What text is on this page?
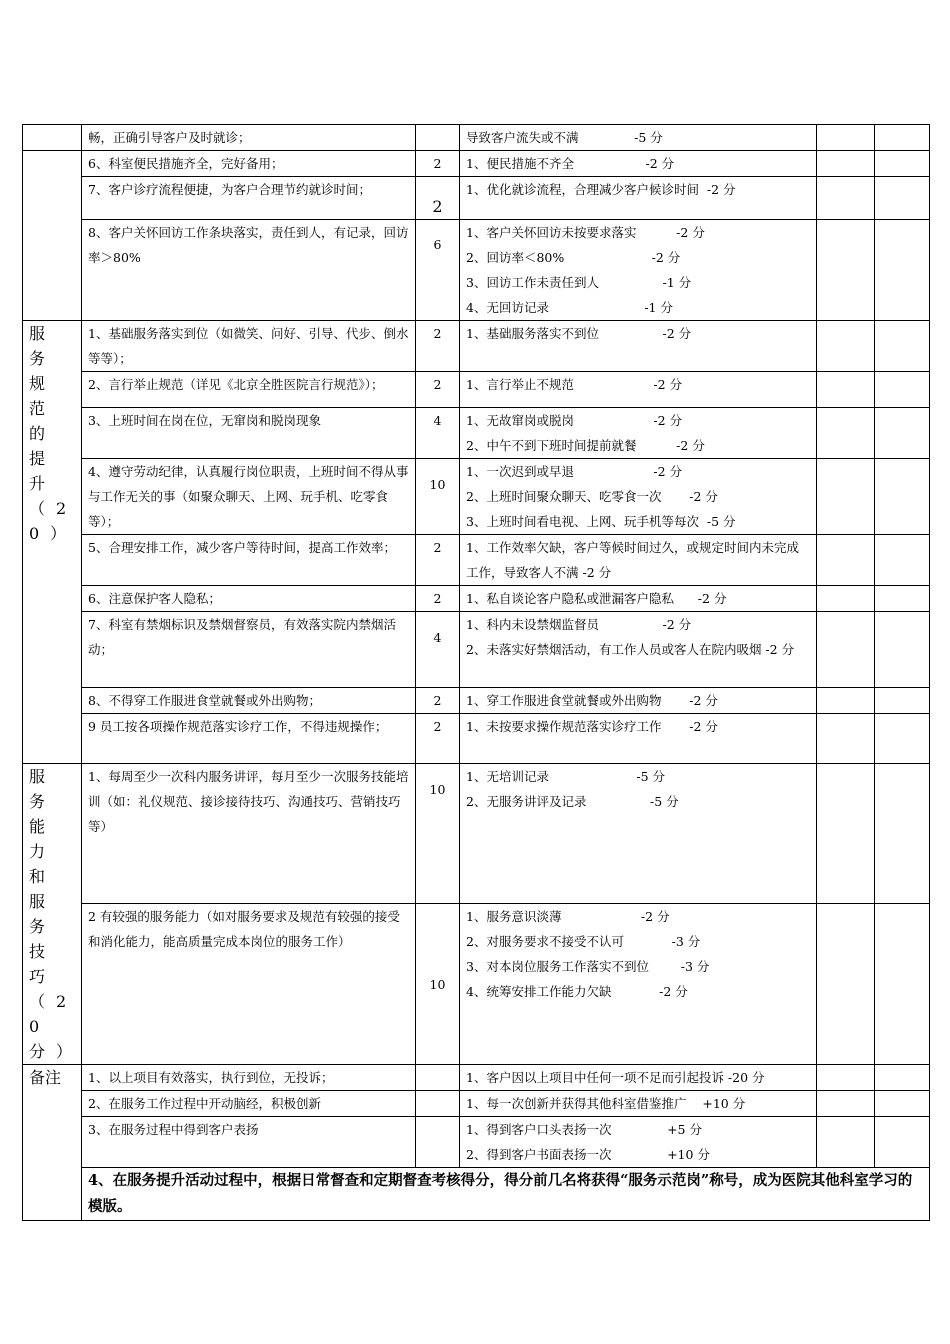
	畅，正确引导客户及时就诊；		导致客户流失或不满              -5 分		

	6、科室便民措施齐全，完好备用；	2	1、便民措施不齐全                  -2 分		

	7、客户诊疗流程便捷，为客户合理节约就诊时间；	2	1、优化就诊流程，合理减少客户候诊时间  -2 分		

	8、客户关怀回访工作条块落实，责任到人，有记录，回访率＞80%	6	1、客户关怀回访未按要求落实          -2 分
2、回访率＜80%                      -2 分
3、回访工作未责任到人                -1 分
4、无回访记录                        -1 分		

服务规范的提升（20）	1、基础服务落实到位（如微笑、问好、引导、代步、倒水等等）；	2	1、基础服务落实不到位                -2 分		

	2、言行举止规范（详见《北京全胜医院言行规范》）；	2	1、言行举止不规范                    -2 分		

	3、上班时间在岗在位，无窜岗和脱岗现象	4	1、无故窜岗或脱岗                    -2 分
2、中午不到下班时间提前就餐          -2 分		

	4、遵守劳动纪律，认真履行岗位职责，上班时间不得从事与工作无关的事（如聚众聊天、上网、玩手机、吃零食等）；	10	1、一次迟到或早退                    -2 分
2、上班时间聚众聊天、吃零食一次       -2 分
3、上班时间看电视、上网、玩手机等每次  -5 分		

	5、合理安排工作，减少客户等待时间，提高工作效率；	2	1、工作效率欠缺，客户等候时间过久，或规定时间内未完成工作，导致客人不满 -2 分		
	6、注意保护客人隐私；	2	1、私自谈论客户隐私或泄漏客户隐私      -2 分		

	7、科室有禁烟标识及禁烟督察员，有效落实院内禁烟活动；	4	1、科内未设禁烟监督员                -2 分
2、未落实好禁烟活动，有工作人员或客人在院内吸烟 -2 分		

	8、不得穿工作服进食堂就餐或外出购物；	2	1、穿工作服进食堂就餐或外出购物       -2 分		

	9 员工按各项操作规范落实诊疗工作，不得违规操作；	2	1、未按要求操作规范落实诊疗工作       -2 分		

服务能力和服务技巧（20分）	1、每周至少一次科内服务讲评，每月至少一次服务技能培训（如：礼仪规范、接诊接待技巧、沟通技巧、营销技巧等）	10	1、无培训记录                      -5 分
2、无服务讲评及记录                -5 分		

	2 有较强的服务能力（如对服务要求及规范有较强的接受和消化能力，能高质量完成本岗位的服务工作）	10	1、服务意识淡薄                    -2 分
2、对服务要求不接受不认可            -3 分
3、对本岗位服务工作落实不到位        -3 分
4、统筹安排工作能力欠缺            -2 分		

备注	1、以上项目有效落实，执行到位，无投诉；		1、客户因以上项目中任何一项不足而引起投诉 -20 分		

	2、在服务工作过程中开动脑经，积极创新		1、每一次创新并获得其他科室借鉴推广    +10 分		

	3、在服务过程中得到客户表扬		1、得到客户口头表扬一次              +5 分
2、得到客户书面表扬一次              +10 分		

	4、在服务提升活动过程中，根据日常督查和定期督查考核得分，得分前几名将获得“服务示范岗”称号，成为医院其他科室学习的模版。				
